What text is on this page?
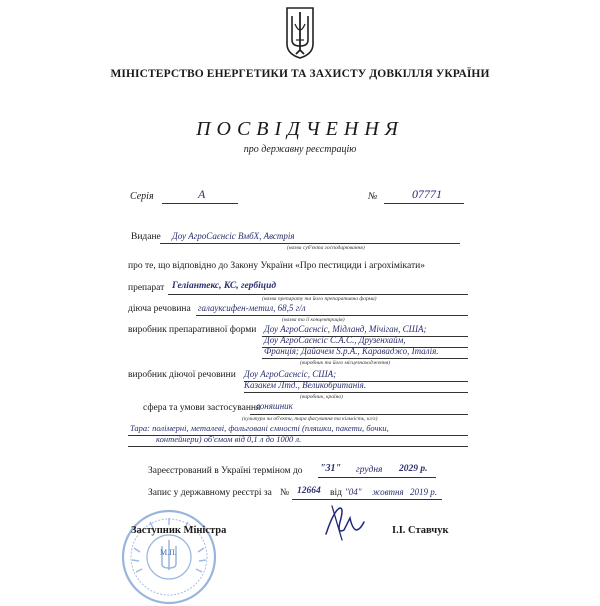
МІНІСТЕРСТВО ЕНЕРГЕТИКИ ТА ЗАХИСТУ ДОВКІЛЛЯ УКРАЇНИ
ПОСВІДЧЕННЯ
про державну реєстрацію
Серія	А	№	07771
Видане Доу АгроСаєнсіс ВмбХ, Австрія
(назва суб'єкта господарювання)
про те, що відповідно до Закону України «Про пестициди і агрохімікати»
препарат Геліантекс, КС, гербіцид
(назва препарату та його препаративна форма)
діюча речовина галауксифен-метил, 68,5 г/л
(назва та її концентрація)
виробник препаративної форми Доу АгроСаєнсіс, Мідланд, Мічіган, США;
Доу АгроСаєнсіс С.А.С., Друзенхайм,
Франція; Дайачем S.p.A., Караваджо, Італія.
(виробник та його місцезнаходження)
виробник діючої речовини Доу АгроСаєнсіс, США;
Казакем Лтд., Великобританія.
(виробник, країна)
сфера та умови застосування
соняшник
(культура чи об'єкти, тара фасування та кількість, кг/л)
Тара: полімерні, металеві, фольговані ємності (пляшки, пакети, бочки,
контейнери) об'ємом від 0,1 л до 1000 л.
Зареєстрований в Україні терміном до "31" грудня 2029 р.
Запис у державному реєстрі за № 12664 від "04" жовтня 2019 р.
Заступник Міністра
М.П.
І.І. Ставчук
